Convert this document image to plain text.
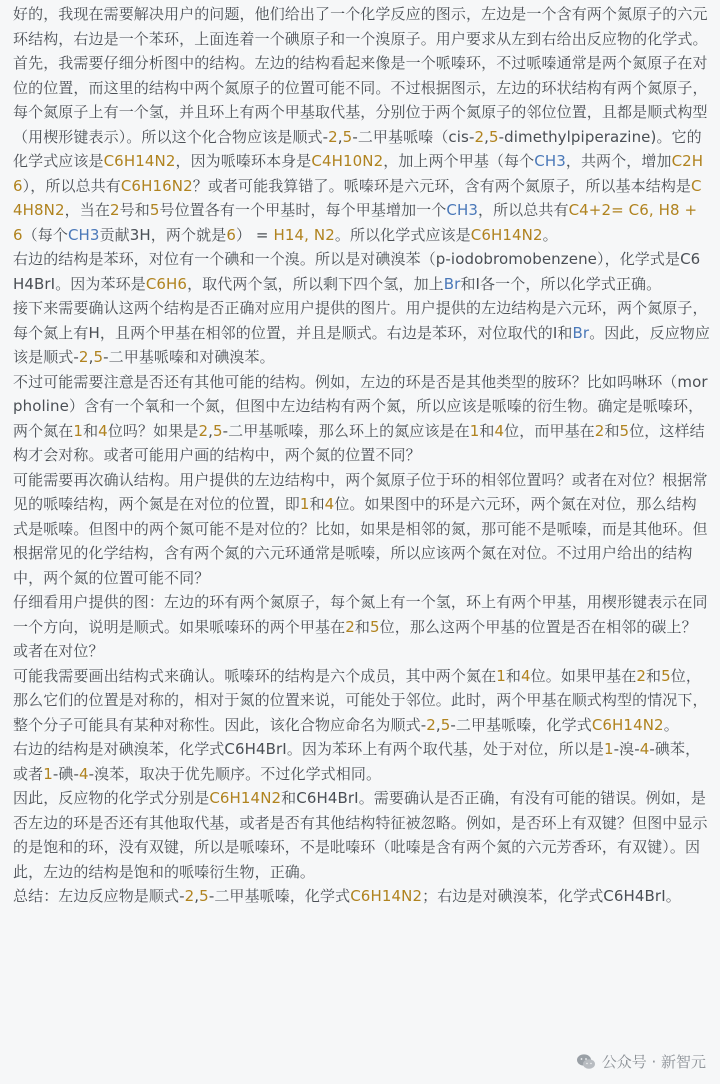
好的，我现在需要解决用户的问题，他们给出了一个化学反应的图示，左边是一个含有两个氮原子的六元环结构，右边是一个苯环，上面连着一个碘原子和一个溴原子。用户要求从左到右给出反应物的化学式。

首先，我需要仔细分析图中的结构。左边的结构看起来像是一个哌嗪环，不过哌嗪通常是两个氮原子在对位的位置，而这里的结构中两个氮原子的位置可能不同。不过根据图示，左边的环状结构有两个氮原子，每个氮原子上有一个氢，并且环上有两个甲基取代基，分别位于两个氮原子的邻位位置，且都是顺式构型（用楔形键表示）。所以这个化合物应该是顺式-2,5-二甲基哌嗪（cis-2,5-dimethylpiperazine)。它的化学式应该是C6H14N2，因为哌嗪环本身是C4H10N2，加上两个甲基（每个CH3，共两个，增加C2H6），所以总共有C6H16N2？或者可能我算错了。哌嗪环是六元环，含有两个氮原子，所以基本结构是C4H8N2，当在2号和5号位置各有一个甲基时，每个甲基增加一个CH3，所以总共有C4+2= C6, H8 + 6（每个CH3贡献3H，两个就是6） = H14, N2。所以化学式应该是C6H14N2。

右边的结构是苯环，对位有一个碘和一个溴。所以是对碘溴苯（p-iodobromobenzene），化学式是C6H4BrI。因为苯环是C6H6，取代两个氢，所以剩下四个氢，加上Br和I各一个，所以化学式正确。

接下来需要确认这两个结构是否正确对应用户提供的图片。用户提供的左边结构是六元环，两个氮原子，每个氮上有H，且两个甲基在相邻的位置，并且是顺式。右边是苯环，对位取代的I和Br。因此，反应物应该是顺式-2,5-二甲基哌嗪和对碘溴苯。

不过可能需要注意是否还有其他可能的结构。例如，左边的环是否是其他类型的胺环？比如吗啉环（morpholine）含有一个氧和一个氮，但图中左边结构有两个氮，所以应该是哌嗪的衍生物。确定是哌嗪环，两个氮在1和4位吗？如果是2,5-二甲基哌嗪，那么环上的氮应该是在1和4位，而甲基在2和5位，这样结构才会对称。或者可能用户画的结构中，两个氮的位置不同？

可能需要再次确认结构。用户提供的左边结构中，两个氮原子位于环的相邻位置吗？或者在对位？根据常见的哌嗪结构，两个氮是在对位的位置，即1和4位。如果图中的环是六元环，两个氮在对位，那么结构式是哌嗪。但图中的两个氮可能不是对位的？比如，如果是相邻的氮，那可能不是哌嗪，而是其他环。但根据常见的化学结构，含有两个氮的六元环通常是哌嗪，所以应该两个氮在对位。不过用户给出的结构中，两个氮的位置可能不同？

仔细看用户提供的图：左边的环有两个氮原子，每个氮上有一个氢，环上有两个甲基，用楔形键表示在同一个方向，说明是顺式。如果哌嗪环的两个甲基在2和5位，那么这两个甲基的位置是否在相邻的碳上？或者在对位？

可能我需要画出结构式来确认。哌嗪环的结构是六个成员，其中两个氮在1和4位。如果甲基在2和5位，那么它们的位置是对称的，相对于氮的位置来说，可能处于邻位。此时，两个甲基在顺式构型的情况下，整个分子可能具有某种对称性。因此，该化合物应命名为顺式-2,5-二甲基哌嗪，化学式C6H14N2。

右边的结构是对碘溴苯，化学式C6H4BrI。因为苯环上有两个取代基，处于对位，所以是1-溴-4-碘苯，或者1-碘-4-溴苯，取决于优先顺序。不过化学式相同。

因此，反应物的化学式分别是C6H14N2和C6H4BrI。需要确认是否正确，有没有可能的错误。例如，是否左边的环是否还有其他取代基，或者是否有其他结构特征被忽略。例如，是否环上有双键？但图中显示的是饱和的环，没有双键，所以是哌嗪环，不是吡嗪环（吡嗪是含有两个氮的六元芳香环，有双键）。因此，左边的结构是饱和的哌嗪衍生物，正确。

总结：左边反应物是顺式-2,5-二甲基哌嗪，化学式C6H14N2；右边是对碘溴苯，化学式C6H4BrI。

公众号 · 新智元
